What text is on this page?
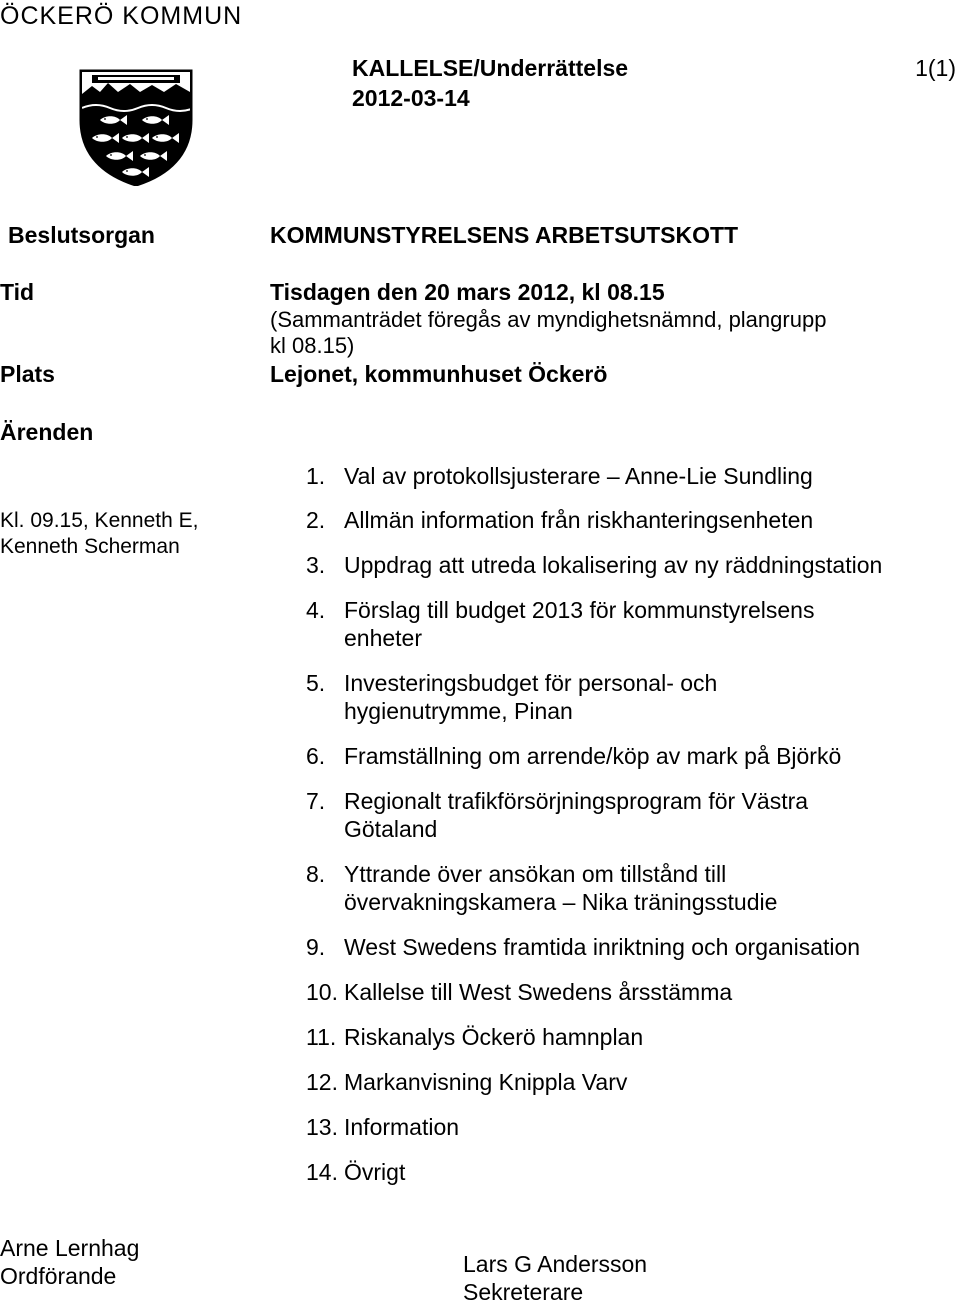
ÖCKERÖ KOMMUN
KALLELSE/Underrättelse
2012-03-14
1(1)
Beslutsorgan	KOMMUNSTYRELSENS ARBETSUTSKOTT
Tid	Tisdagen den 20 mars 2012, kl 08.15
(Sammanträdet föregås av myndighetsnämnd, plangrupp
kl 08.15)
Plats	Lejonet, kommunhuset Öckerö
Ärenden
Kl. 09.15, Kenneth E,
Kenneth Scherman
1. Val av protokollsjusterare – Anne-Lie Sundling
2. Allmän information från riskhanteringsenheten
3. Uppdrag att utreda lokalisering av ny räddningstation
4. Förslag till budget 2013 för kommunstyrelsens
enheter
5. Investeringsbudget för personal- och
hygienutrymme, Pinan
6. Framställning om arrende/köp av mark på Björkö
7. Regionalt trafikförsörjningsprogram för Västra
Götaland
8. Yttrande över ansökan om tillstånd till
övervakningskamera – Nika träningsstudie
9. West Swedens framtida inriktning och organisation
10. Kallelse till West Swedens årsstämma
11. Riskanalys Öckerö hamnplan
12. Markanvisning Knippla Varv
13. Information
14. Övrigt
Arne Lernhag
Ordförande	Lars G Andersson
Sekreterare
